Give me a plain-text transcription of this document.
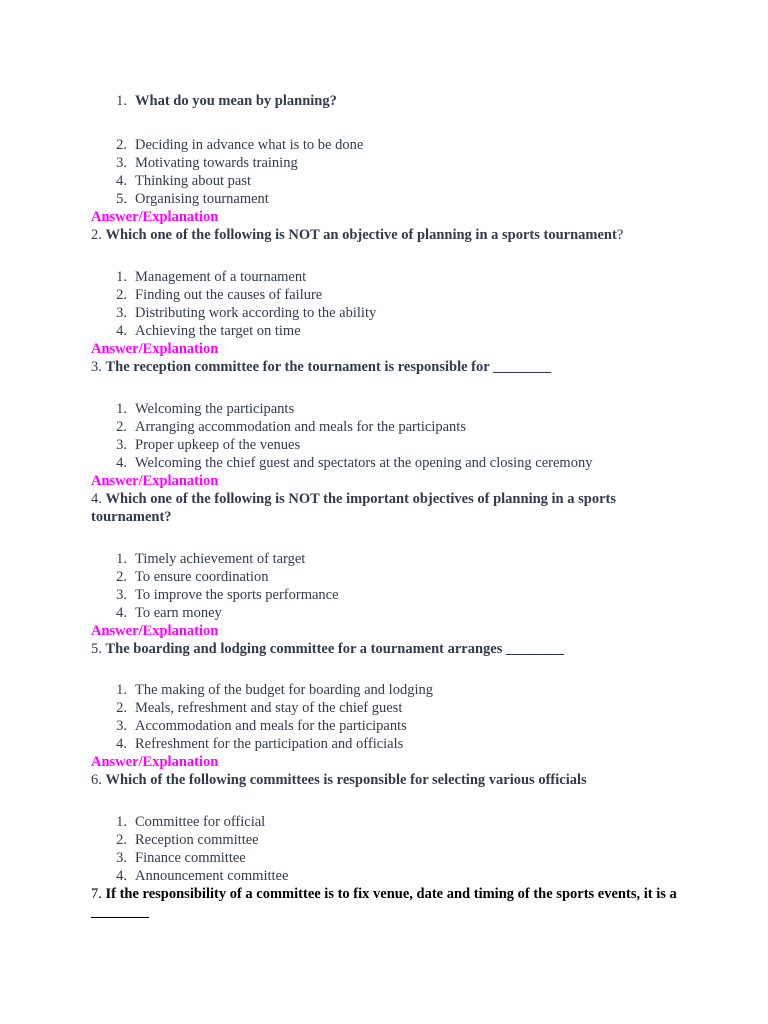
1. What do you mean by planning?
2. Deciding in advance what is to be done
3. Motivating towards training
4. Thinking about past
5. Organising tournament
Answer/Explanation
2. Which one of the following is NOT an objective of planning in a sports tournament?
1. Management of a tournament
2. Finding out the causes of failure
3. Distributing work according to the ability
4. Achieving the target on time
Answer/Explanation
3. The reception committee for the tournament is responsible for ________
1. Welcoming the participants
2. Arranging accommodation and meals for the participants
3. Proper upkeep of the venues
4. Welcoming the chief guest and spectators at the opening and closing ceremony
Answer/Explanation
4. Which one of the following is NOT the important objectives of planning in a sports tournament?
1. Timely achievement of target
2. To ensure coordination
3. To improve the sports performance
4. To earn money
Answer/Explanation
5. The boarding and lodging committee for a tournament arranges ________
1. The making of the budget for boarding and lodging
2. Meals, refreshment and stay of the chief guest
3. Accommodation and meals for the participants
4. Refreshment for the participation and officials
Answer/Explanation
6. Which of the following committees is responsible for selecting various officials
1. Committee for official
2. Reception committee
3. Finance committee
4. Announcement committee
7. If the responsibility of a committee is to fix venue, date and timing of the sports events, it is a ________
